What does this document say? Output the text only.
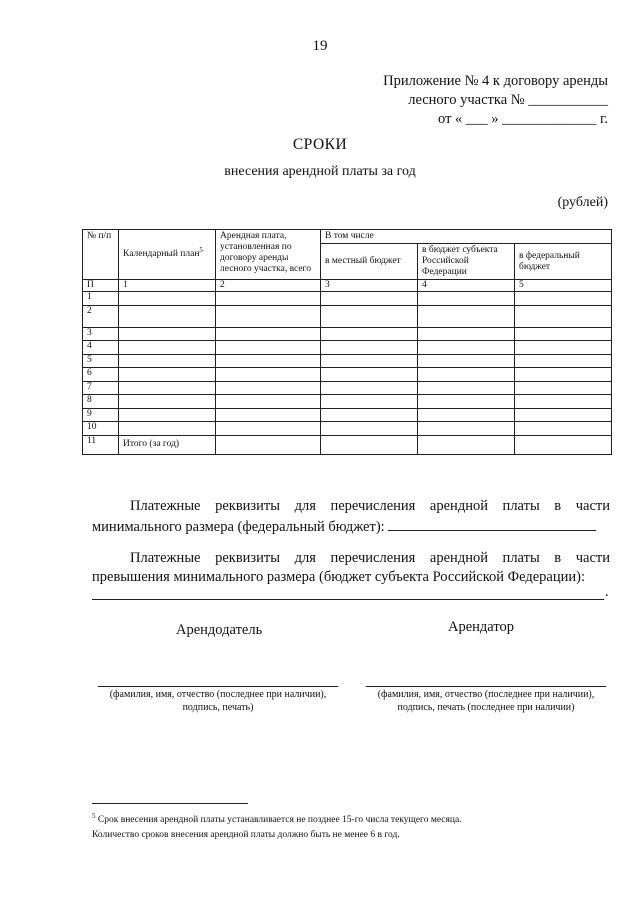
19
Приложение № 4 к договору аренды
лесного участка № ___________
от « ___ » _____________ г.
СРОКИ
внесения арендной платы за год
(рублей)
№ п/п	Календарный план$^5$	Арендная плата, установленная по договору аренды лесного участка, всего	В том числе		
			в местный бюджет	в бюджет субъекта Российской Федерации	в федеральный бюджет
П	1	2	3	4	5
1					
2					
3					
4					
5					
6					
7					
8					
9					
10					
11	Итого (за год)				
Платежные реквизиты для перечисления арендной платы в части минимального размера (федеральный бюджет):
Платежные реквизиты для перечисления арендной платы в части превышения минимального размера (бюджет субъекта Российской Федерации):
.
Арендодатель	Арендатор
(фамилия, имя, отчество (последнее при наличии),
подпись, печать)
(фамилия, имя, отчество (последнее при наличии),
подпись, печать (последнее при наличии)
$^5$ Срок внесения арендной платы устанавливается не позднее 15-го числа текущего месяца.
Количество сроков внесения арендной платы должно быть не менее 6 в год.
